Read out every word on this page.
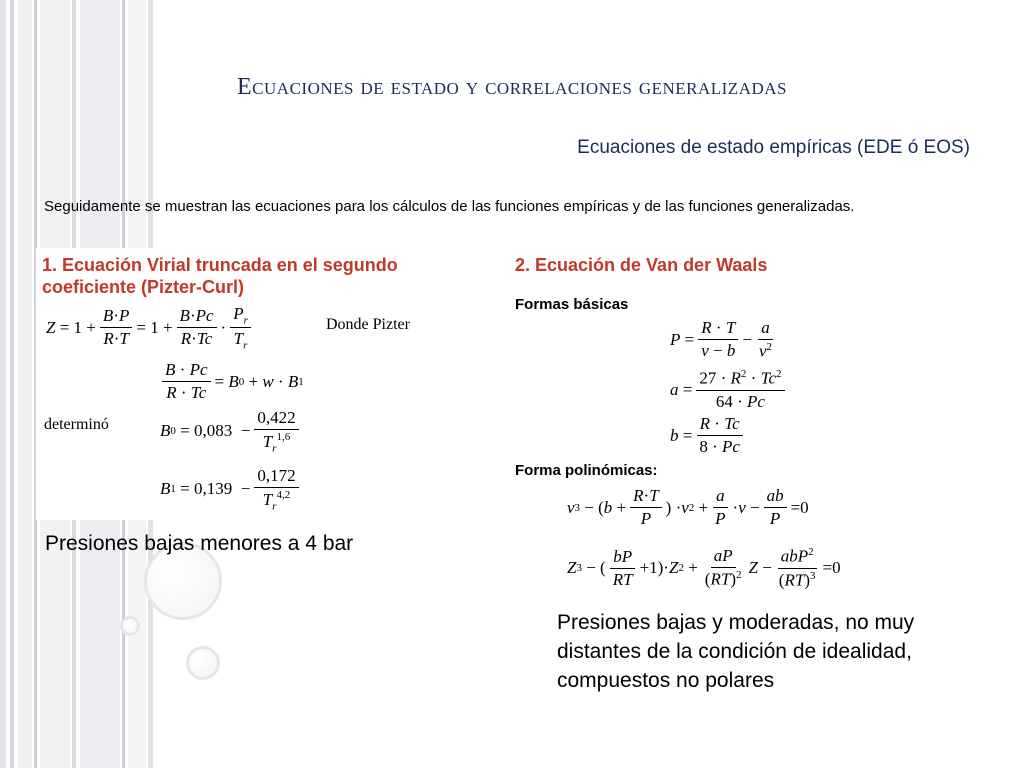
Ecuaciones de estado y correlaciones generalizadas
Ecuaciones de estado empíricas (EDE ó EOS)
Seguidamente se muestran las ecuaciones para los cálculos de las funciones empíricas y de las funciones generalizadas.
1. Ecuación Virial truncada en el segundo
coeficiente (Pizter-Curl)
Z = 1 +
B·P
R·T
= 1 +
B·Pc
R·Tc
·
$P_r$
$T_r$
Donde Pizter
B · Pc
R · Tc
= B 0 + w · B 1
determinó	B 0 = 0,083  −
0,422
$T_r^{1,6}$
B 1 = 0,139  −
0,172
$T_r^{4,2}$
Presiones bajas menores a 4 bar
2. Ecuación de Van der Waals
Formas básicas
P =
R · T
v − b
−
a
$v^2$
a =
$27 \cdot R^2 \cdot Tc^2$
64 · Pc
b =
R · Tc
8 · Pc
Forma polinómicas:
v 3 − ( b +
R·T
P
) · v 2 +
a
P
· v −
ab
P
=0
Z 3 − (
bP
RT
+1)· Z 2 +
aP
(RT)$^2$ Z −
abP$^2$
(RT)$^3$ =0
Presiones bajas y moderadas, no muy distantes de la condición de idealidad, compuestos no polares
